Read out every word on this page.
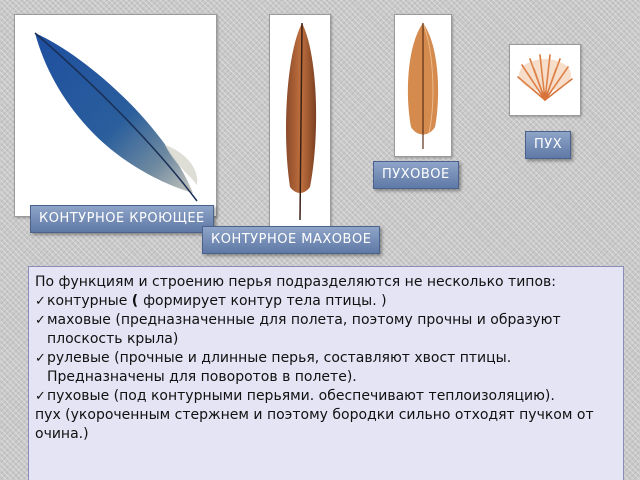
КОНТУРНОЕ КРОЮЩЕЕ
КОНТУРНОЕ МАХОВОЕ
ПУХОВОЕ
ПУХ

По функциям и строению перья подразделяются не несколько типов:

✓ контурные ( формирует контур тела птицы. )

✓ маховые (предназначенные для полета, поэтому прочны и образуют плоскость крыла)

✓ рулевые (прочные и длинные перья, составляют хвост птицы. Предназначены для поворотов в полете).

✓ пуховые (под контурными перьями. обеспечивают теплоизоляцию).

пух (укороченным стержнем и поэтому бородки сильно отходят пучком от очина.)
